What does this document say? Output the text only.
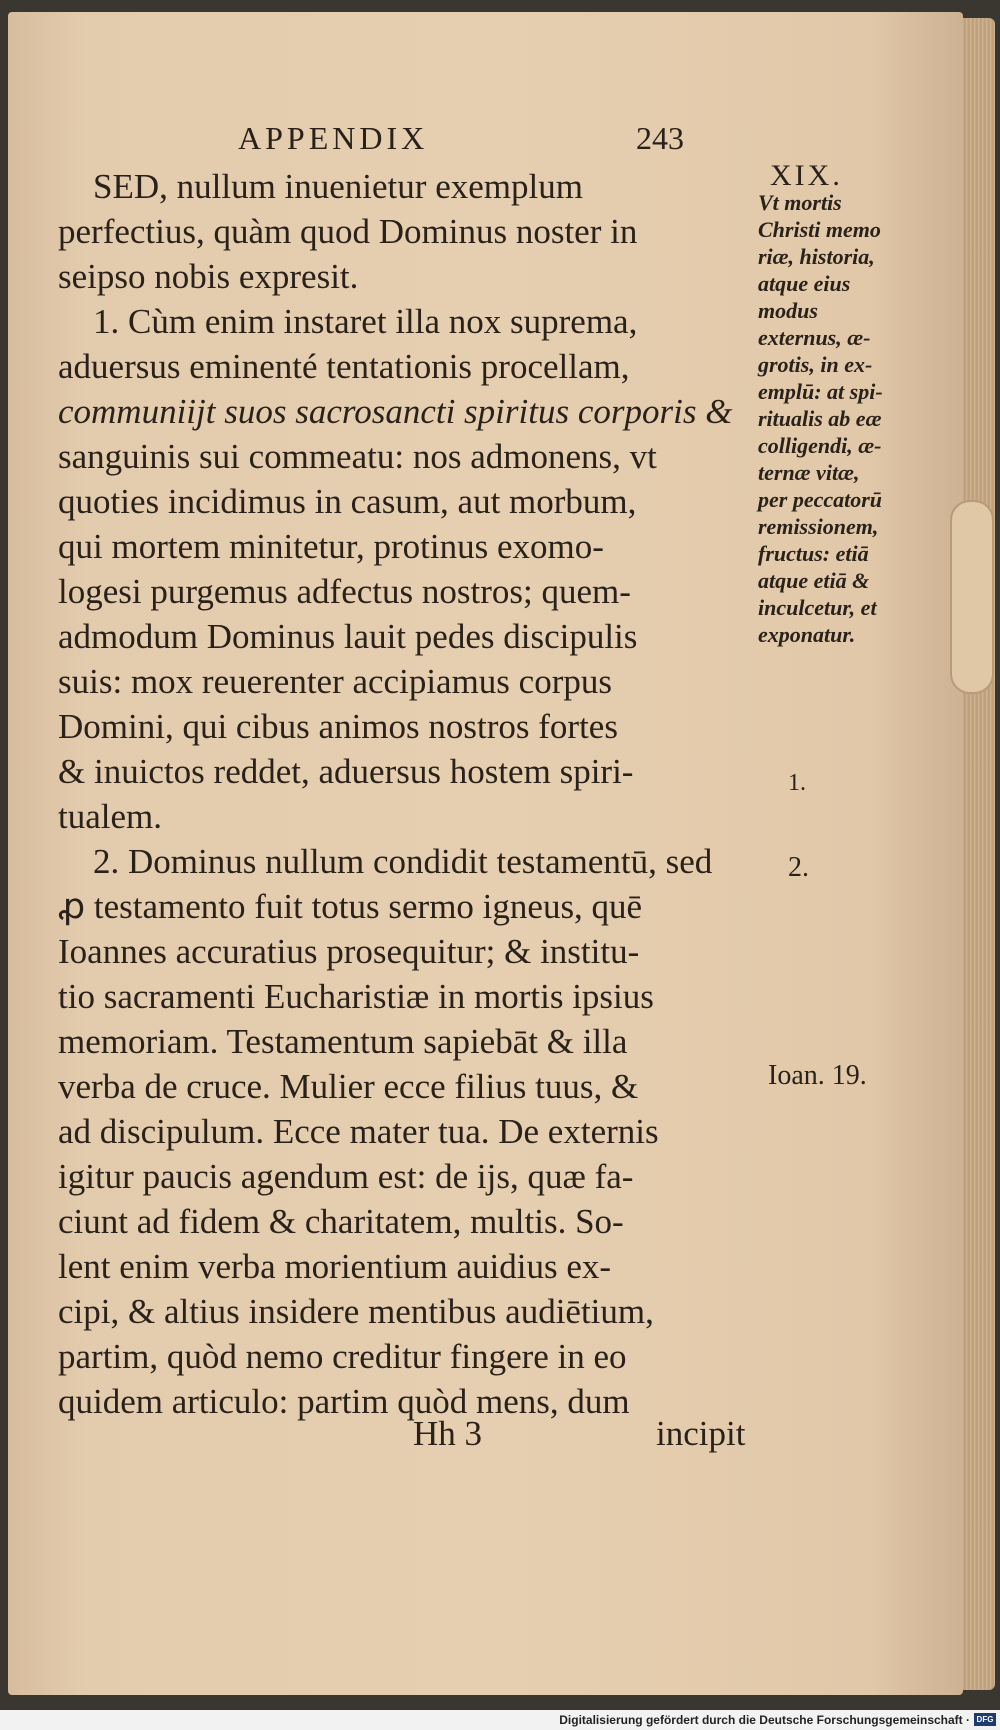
APPENDIX	243
SED, nullum inuenietur exemplum
perfectius, quàm quod Dominus noster in
seipso nobis expresit.
1. Cùm enim instaret illa nox suprema,
aduersus eminenté tentationis procellam,
communiijt suos sacrosancti spiritus corporis &
sanguinis sui commeatu: nos admonens, vt
quoties incidimus in casum, aut morbum,
qui mortem minitetur, protinus exomo-
logesi purgemus adfectus nostros; quem-
admodum Dominus lauit pedes discipulis
suis: mox reuerenter accipiamus corpus
Domini, qui cibus animos nostros fortes
& inuictos reddet, aduersus hostem spiri-
tualem.
2. Dominus nullum condidit testamentū, sed
ꝓ testamento fuit totus sermo igneus, quē
Ioannes accuratius prosequitur; & institu-
tio sacramenti Eucharistiæ in mortis ipsius
memoriam. Testamentum sapiebāt & illa
verba de cruce. Mulier ecce filius tuus, &
ad discipulum. Ecce mater tua. De externis
igitur paucis agendum est: de ijs, quæ fa-
ciunt ad fidem & charitatem, multis. So-
lent enim verba morientium auidius ex-
cipi, & altius insidere mentibus audiētium,
partim, quòd nemo creditur fingere in eo
quidem articulo: partim quòd mens, dum
XIX.
Vt mortis
Christi memo
riæ, historia,
atque eius
modus
externus, æ-
grotis, in ex-
emplū: at spi-
ritualis ab eæ
colligendi, æ-
ternæ vitæ,
per peccatorū
remissionem,
fructus: etiā
atque etiā &
inculcetur, et
exponatur.
1.
2.
Ioan. 19.
Hh 3	incipit
Digitalisierung gefördert durch die Deutsche Forschungsgemeinschaft · DFG
